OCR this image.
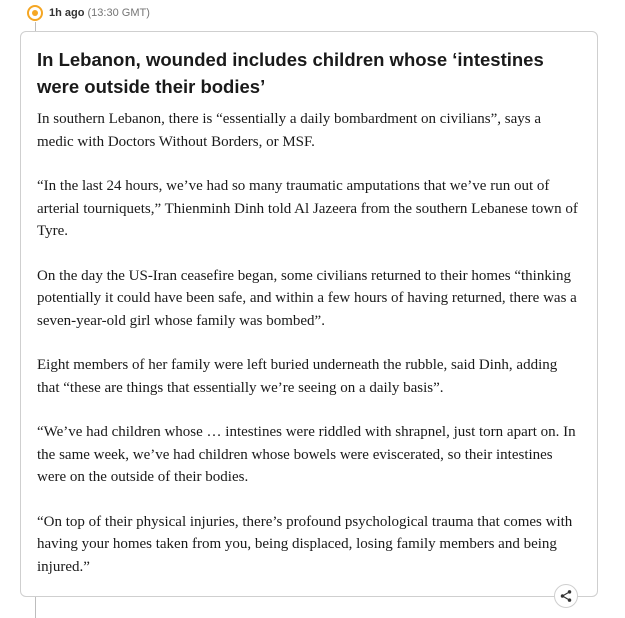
1h ago (13:30 GMT)
In Lebanon, wounded includes children whose ‘intestines were outside their bodies’

In southern Lebanon, there is “essentially a daily bombardment on civilians”, says a medic with Doctors Without Borders, or MSF.

“In the last 24 hours, we’ve had so many traumatic amputations that we’ve run out of arterial tourniquets,” Thienminh Dinh told Al Jazeera from the southern Lebanese town of Tyre.

On the day the US-Iran ceasefire began, some civilians returned to their homes “thinking potentially it could have been safe, and within a few hours of having returned, there was a seven-year-old girl whose family was bombed”.

Eight members of her family were left buried underneath the rubble, said Dinh, adding that “these are things that essentially we’re seeing on a daily basis”.

“We’ve had children whose … intestines were riddled with shrapnel, just torn apart on. In the same week, we’ve had children whose bowels were eviscerated, so their intestines were on the outside of their bodies.

“On top of their physical injuries, there’s profound psychological trauma that comes with having your homes taken from you, being displaced, losing family members and being injured.”
